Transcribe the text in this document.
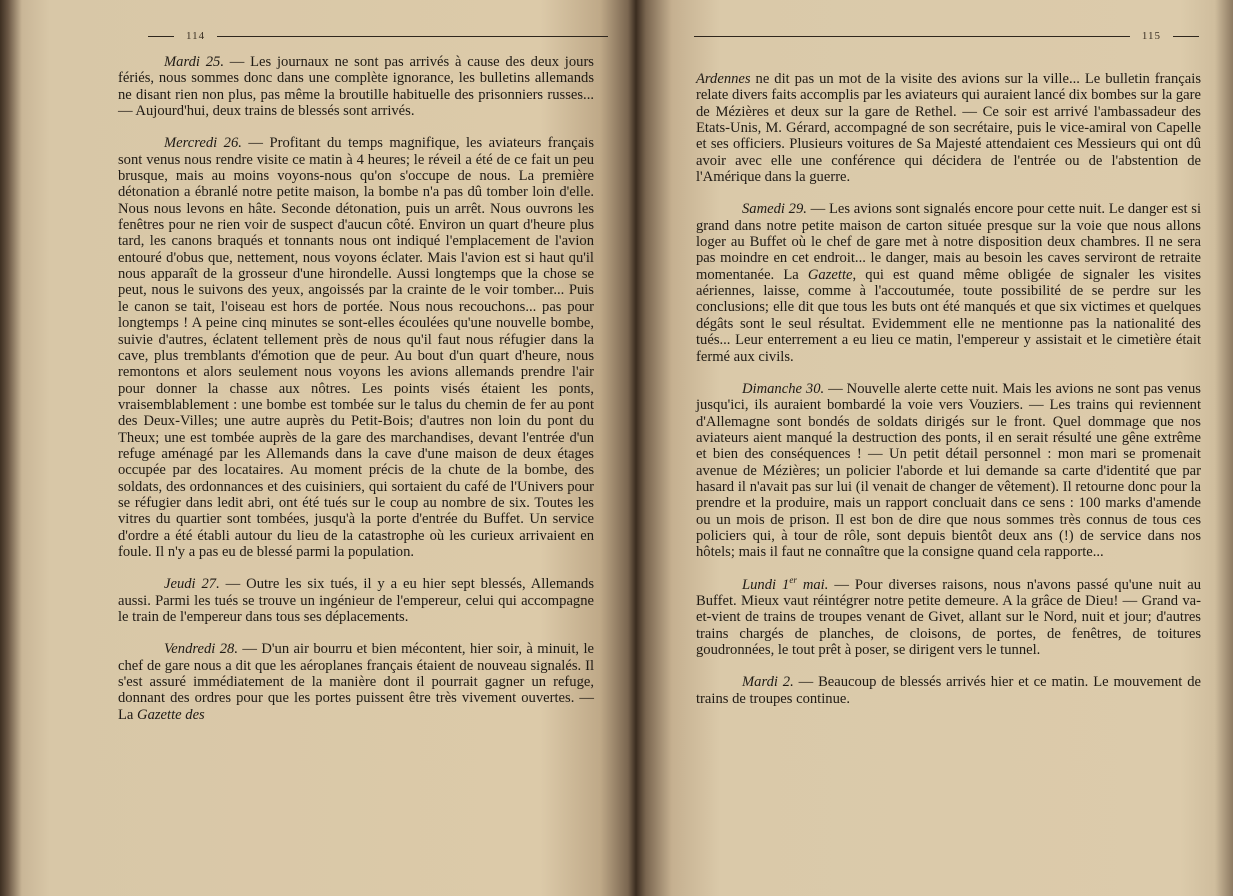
114

Mardi 25. — Les journaux ne sont pas arrivés à cause des deux jours fériés, nous sommes donc dans une complète ignorance, les bulletins allemands ne disant rien non plus, pas même la broutille habituelle des prisonniers russes... — Aujourd'hui, deux trains de blessés sont arrivés.

Mercredi 26. — Profitant du temps magnifique, les aviateurs français sont venus nous rendre visite ce matin à 4 heures; le réveil a été de ce fait un peu brusque, mais au moins voyons-nous qu'on s'occupe de nous. La première détonation a ébranlé notre petite maison, la bombe n'a pas dû tomber loin d'elle. Nous nous levons en hâte. Seconde détonation, puis un arrêt. Nous ouvrons les fenêtres pour ne rien voir de suspect d'aucun côté. Environ un quart d'heure plus tard, les canons braqués et tonnants nous ont indiqué l'emplacement de l'avion entouré d'obus que, nettement, nous voyons éclater. Mais l'avion est si haut qu'il nous apparaît de la grosseur d'une hirondelle. Aussi longtemps que la chose se peut, nous le suivons des yeux, angoissés par la crainte de le voir tomber... Puis le canon se tait, l'oiseau est hors de portée. Nous nous recouchons... pas pour longtemps ! A peine cinq minutes se sont-elles écoulées qu'une nouvelle bombe, suivie d'autres, éclatent tellement près de nous qu'il faut nous réfugier dans la cave, plus tremblants d'émotion que de peur. Au bout d'un quart d'heure, nous remontons et alors seulement nous voyons les avions allemands prendre l'air pour donner la chasse aux nôtres. Les points visés étaient les ponts, vraisemblablement : une bombe est tombée sur le talus du chemin de fer au pont des Deux-Villes; une autre auprès du Petit-Bois; d'autres non loin du pont du Theux; une est tombée auprès de la gare des marchandises, devant l'entrée d'un refuge aménagé par les Allemands dans la cave d'une maison de deux étages occupée par des locataires. Au moment précis de la chute de la bombe, des soldats, des ordonnances et des cuisiniers, qui sortaient du café de l'Univers pour se réfugier dans ledit abri, ont été tués sur le coup au nombre de six. Toutes les vitres du quartier sont tombées, jusqu'à la porte d'entrée du Buffet. Un service d'ordre a été établi autour du lieu de la catastrophe où les curieux arrivaient en foule. Il n'y a pas eu de blessé parmi la population.

Jeudi 27. — Outre les six tués, il y a eu hier sept blessés, Allemands aussi. Parmi les tués se trouve un ingénieur de l'empereur, celui qui accompagne le train de l'empereur dans tous ses déplacements.

Vendredi 28. — D'un air bourru et bien mécontent, hier soir, à minuit, le chef de gare nous a dit que les aéroplanes français étaient de nouveau signalés. Il s'est assuré immédiatement de la manière dont il pourrait gagner un refuge, donnant des ordres pour que les portes puissent être très vivement ouvertes. — La Gazette des

115

Ardennes ne dit pas un mot de la visite des avions sur la ville... Le bulletin français relate divers faits accomplis par les aviateurs qui auraient lancé dix bombes sur la gare de Mézières et deux sur la gare de Rethel. — Ce soir est arrivé l'ambassadeur des Etats-Unis, M. Gérard, accompagné de son secrétaire, puis le vice-amiral von Capelle et ses officiers. Plusieurs voitures de Sa Majesté attendaient ces Messieurs qui ont dû avoir avec elle une conférence qui décidera de l'entrée ou de l'abstention de l'Amérique dans la guerre.

Samedi 29. — Les avions sont signalés encore pour cette nuit. Le danger est si grand dans notre petite maison de carton située presque sur la voie que nous allons loger au Buffet où le chef de gare met à notre disposition deux chambres. Il ne sera pas moindre en cet endroit... le danger, mais au besoin les caves serviront de retraite momentanée. La Gazette, qui est quand même obligée de signaler les visites aériennes, laisse, comme à l'accoutumée, toute possibilité de se perdre sur les conclusions; elle dit que tous les buts ont été manqués et que six victimes et quelques dégâts sont le seul résultat. Evidemment elle ne mentionne pas la nationalité des tués... Leur enterrement a eu lieu ce matin, l'empereur y assistait et le cimetière était fermé aux civils.

Dimanche 30. — Nouvelle alerte cette nuit. Mais les avions ne sont pas venus jusqu'ici, ils auraient bombardé la voie vers Vouziers. — Les trains qui reviennent d'Allemagne sont bondés de soldats dirigés sur le front. Quel dommage que nos aviateurs aient manqué la destruction des ponts, il en serait résulté une gêne extrême et bien des conséquences ! — Un petit détail personnel : mon mari se promenait avenue de Mézières; un policier l'aborde et lui demande sa carte d'identité que par hasard il n'avait pas sur lui (il venait de changer de vêtement). Il retourne donc pour la prendre et la produire, mais un rapport concluait dans ce sens : 100 marks d'amende ou un mois de prison. Il est bon de dire que nous sommes très connus de tous ces policiers qui, à tour de rôle, sont depuis bientôt deux ans (!) de service dans nos hôtels; mais il faut ne connaître que la consigne quand cela rapporte...

Lundi 1er mai. — Pour diverses raisons, nous n'avons passé qu'une nuit au Buffet. Mieux vaut réintégrer notre petite demeure. A la grâce de Dieu! — Grand va-et-vient de trains de troupes venant de Givet, allant sur le Nord, nuit et jour; d'autres trains chargés de planches, de cloisons, de portes, de fenêtres, de toitures goudronnées, le tout prêt à poser, se dirigent vers le tunnel.

Mardi 2. — Beaucoup de blessés arrivés hier et ce matin. Le mouvement de trains de troupes continue.
